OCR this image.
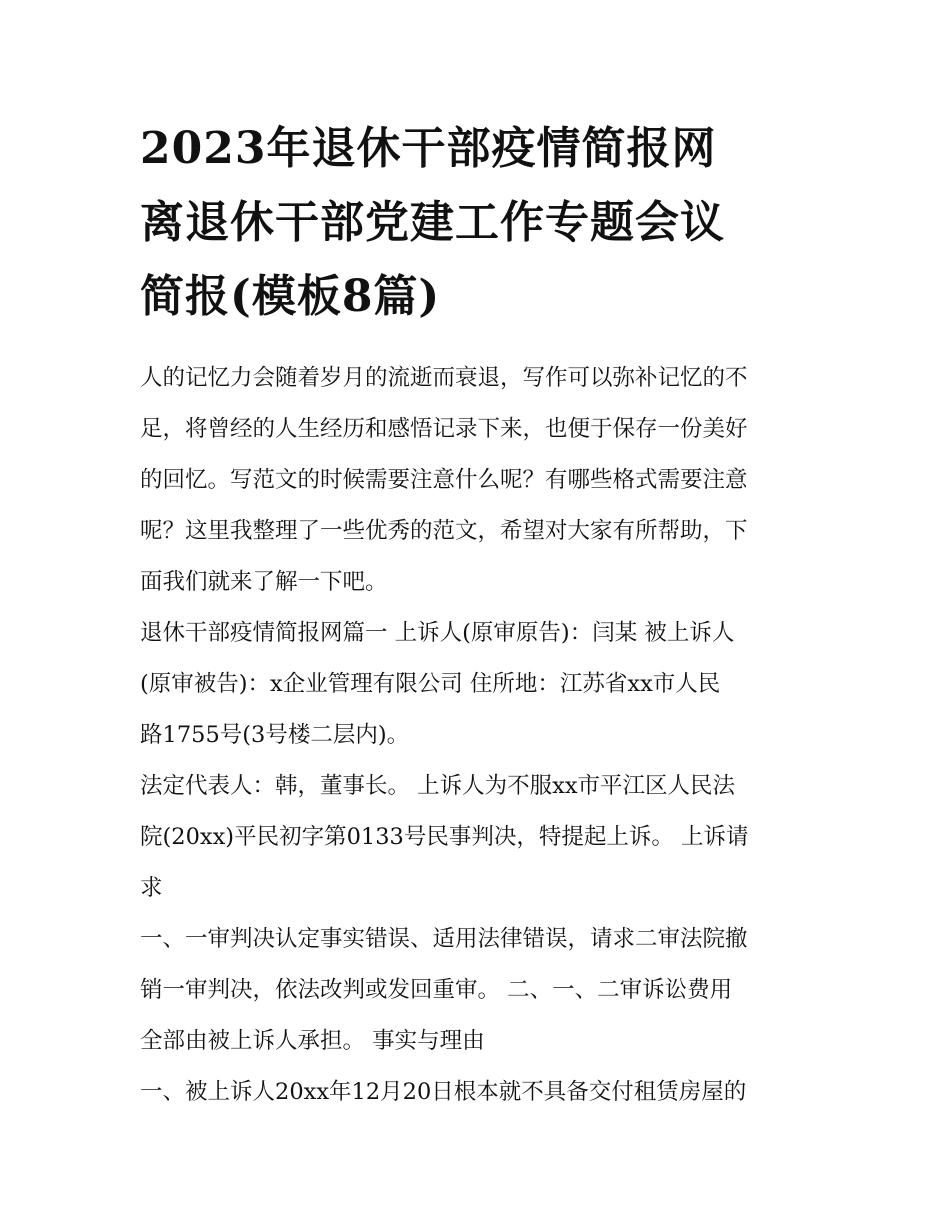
2023年退休干部疫情简报网
离退休干部党建工作专题会议
简报(模板8篇)

人的记忆力会随着岁月的流逝而衰退，写作可以弥补记忆的不
足，将曾经的人生经历和感悟记录下来，也便于保存一份美好
的回忆。写范文的时候需要注意什么呢？有哪些格式需要注意
呢？这里我整理了一些优秀的范文，希望对大家有所帮助，下
面我们就来了解一下吧。

退休干部疫情简报网篇一 上诉人(原审原告)：闫某 被上诉人
(原审被告)：x企业管理有限公司 住所地：江苏省xx市人民
路1755号(3号楼二层内)。

法定代表人：韩，董事长。 上诉人为不服xx市平江区人民法
院(20xx)平民初字第0133号民事判决，特提起上诉。 上诉请
求

一、一审判决认定事实错误、适用法律错误，请求二审法院撤
销一审判决，依法改判或发回重审。 二、一、二审诉讼费用
全部由被上诉人承担。 事实与理由

一、被上诉人20xx年12月20日根本就不具备交付租赁房屋的
